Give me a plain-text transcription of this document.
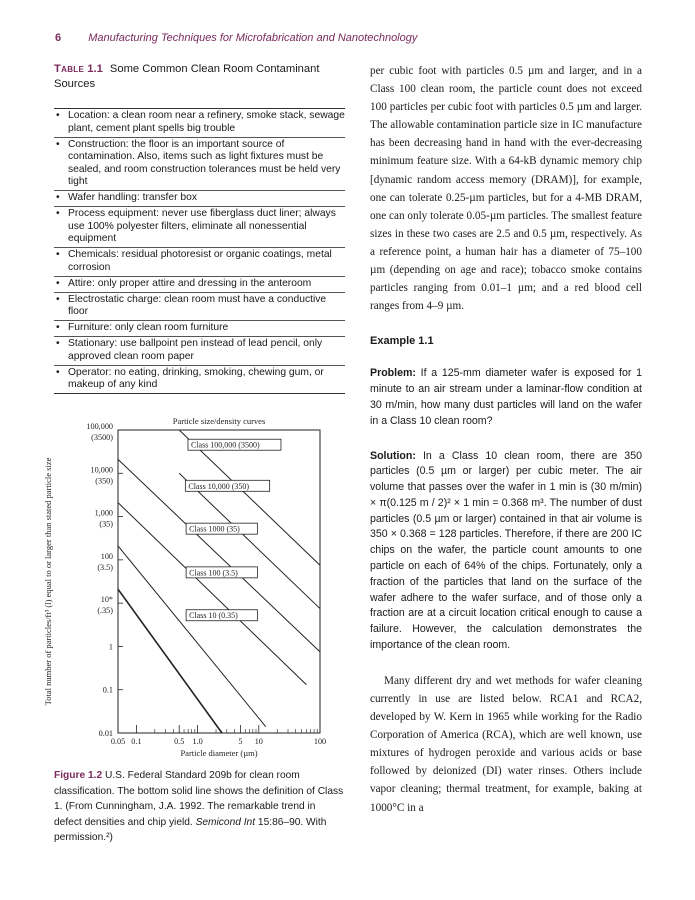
6 Manufacturing Techniques for Microfabrication and Nanotechnology
Table 1.1 Some Common Clean Room Contaminant Sources
• Location: a clean room near a refinery, smoke stack, sewage plant, cement plant spells big trouble
• Construction: the floor is an important source of contamination. Also, items such as light fixtures must be sealed, and room construction tolerances must be held very tight
• Wafer handling: transfer box
• Process equipment: never use fiberglass duct liner; always use 100% polyester filters, eliminate all nonessential equipment
• Chemicals: residual photoresist or organic coatings, metal corrosion
• Attire: only proper attire and dressing in the anteroom
• Electrostatic charge: clean room must have a conductive floor
• Furniture: only clean room furniture
• Stationary: use ballpoint pen instead of lead pencil, only approved clean room paper
• Operator: no eating, drinking, smoking, chewing gum, or makeup of any kind
Particle size/density curves
Particle diameter (µm)
Total number of particles/ft³ (l) equal to or larger than stated particle size
100,000
(3500)
10,000
(350)
1,000
(35)
100
(3.5)
10*
(.35)
1
0.1
0.01
0.05 0.1	0.5 1.0	5 10	100
Class 100,000 (3500)
Class 10,000 (350)
Class 1000 (35)
Class 100 (3.5)
Class 10 (0.35)
Figure 1.2 U.S. Federal Standard 209b for clean room classification. The bottom solid line shows the definition of Class 1. (From Cunningham, J.A. 1992. The remarkable trend in defect densities and chip yield. Semicond Int 15:86–90. With permission.²)

per cubic foot with particles 0.5 µm and larger, and in a Class 100 clean room, the particle count does not exceed 100 particles per cubic foot with particles 0.5 µm and larger. The allowable contamination particle size in IC manufacture has been decreasing hand in hand with the ever-decreasing minimum feature size. With a 64-kB dynamic memory chip [dynamic random access memory (DRAM)], for example, one can tolerate 0.25-µm particles, but for a 4-MB DRAM, one can only tolerate 0.05-µm particles. The smallest feature sizes in these two cases are 2.5 and 0.5 µm, respectively. As a reference point, a human hair has a diameter of 75–100 µm (depending on age and race); tobacco smoke contains particles ranging from 0.01–1 µm; and a red blood cell ranges from 4–9 µm.

Example 1.1

Problem: If a 125-mm diameter wafer is exposed for 1 minute to an air stream under a laminar-flow condition at 30 m/min, how many dust particles will land on the wafer in a Class 10 clean room?

Solution: In a Class 10 clean room, there are 350 particles (0.5 µm or larger) per cubic meter. The air volume that passes over the wafer in 1 min is (30 m/min) × π(0.125 m / 2)² × 1 min = 0.368 m³. The number of dust particles (0.5 µm or larger) contained in that air volume is 350 × 0.368 = 128 particles. Therefore, if there are 200 IC chips on the wafer, the particle count amounts to one particle on each of 64% of the chips. Fortunately, only a fraction of the particles that land on the surface of the wafer adhere to the wafer surface, and of those only a fraction are at a circuit location critical enough to cause a failure. However, the calculation demonstrates the importance of the clean room.

Many different dry and wet methods for wafer cleaning currently in use are listed below. RCA1 and RCA2, developed by W. Kern in 1965 while working for the Radio Corporation of America (RCA), which are well known, use mixtures of hydrogen peroxide and various acids or base followed by deionized (DI) water rinses. Others include vapor cleaning; thermal treatment, for example, baking at 1000°C in a
